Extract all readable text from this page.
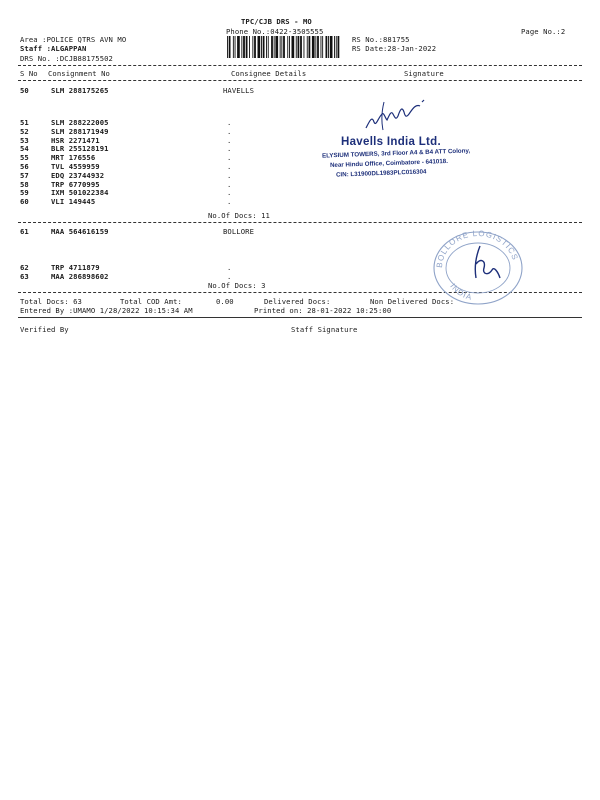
TPC/CJB DRS - MO
Phone No.:0422-3505555	Page No.:2
Area :POLICE QTRS AVN MO
Staff :ALGAPPAN
DRS No. :DCJB88175502
RS No.:881755
RS Date:28-Jan-2022
S No Consignment No	Consignee Details	Signature
50	SLM 288175265	HAVELLS
51	SLM 288222005	.
52	SLM 288171949	.
53	HSR 2271471	.
54	BLR 255128191	.
55	MRT 176556	.
56	TVL 4559959	.
57	EDQ 23744932	.
58	TRP 6770995	.
59	IXM 501022384	.
60	VLI 149445	.
No.Of Docs: 11
61	MAA 564616159	BOLLORE
62	TRP 4711879	.
63	MAA 286898602	.
No.Of Docs: 3
Total Docs: 63	Total COD Amt:	0.00	Delivered Docs:	Non Delivered Docs:
Entered By :UMAMO 1/28/2022 10:15:34 AM	Printed on: 28-01-2022 10:25:00
Verified By	Staff Signature
Havells India Ltd.
ELYSIUM TOWERS, 3rd Floor A4 & B4 ATT Colony,
Near Hindu Office, Coimbatore - 641018.
CIN: L31900DL1983PLC016304
BOLLORE LOGISTICS
INDIA
